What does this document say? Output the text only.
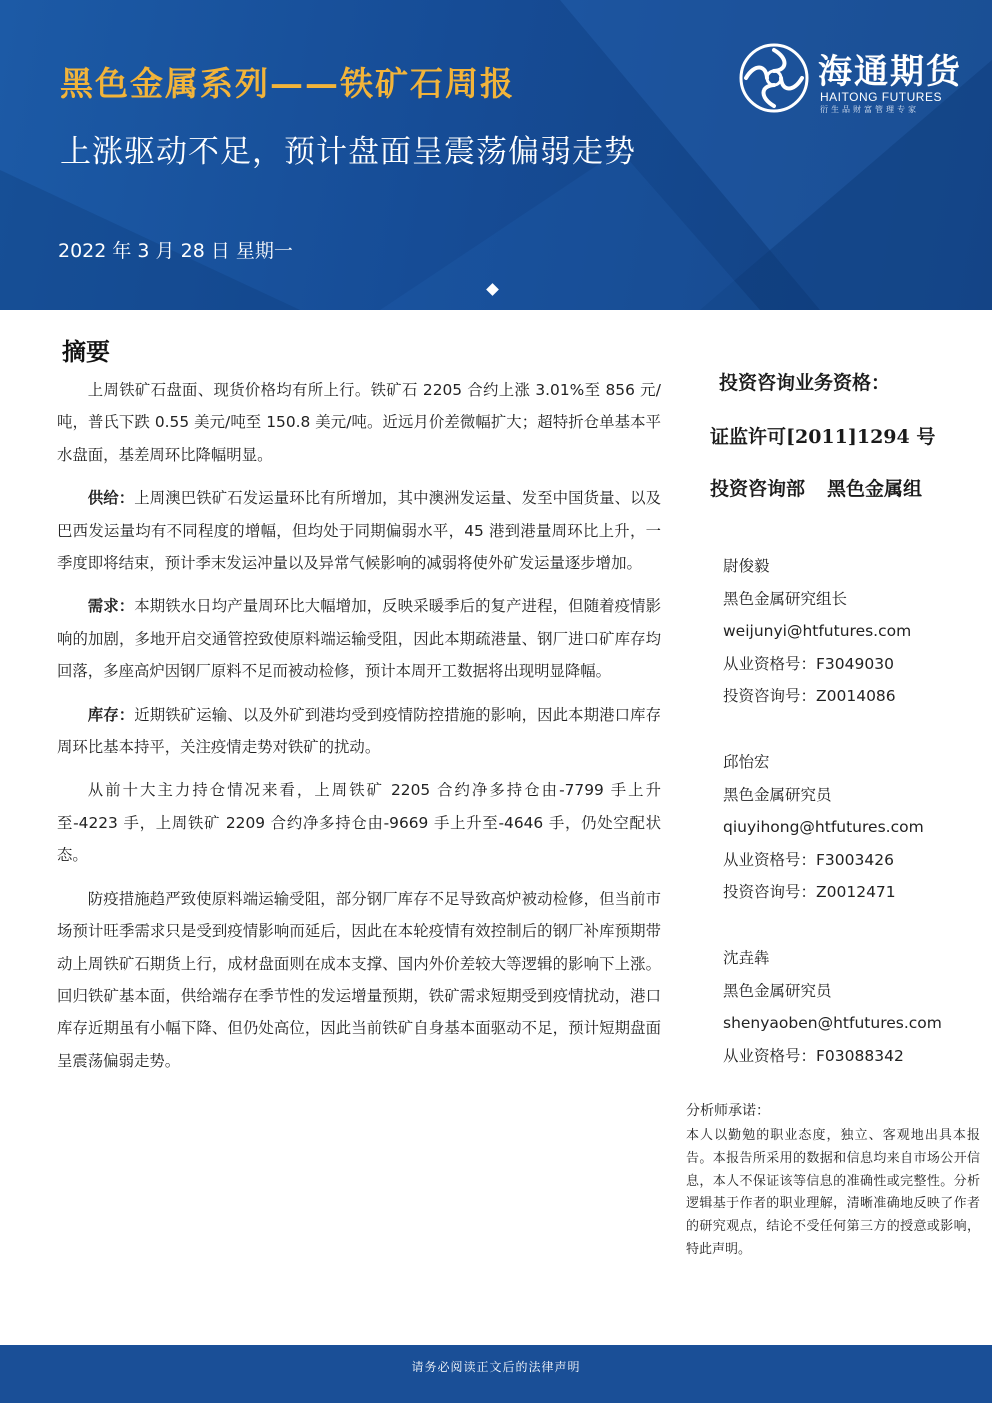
黑色金属系列——铁矿石周报
上涨驱动不足，预计盘面呈震荡偏弱走势
2022 年 3 月 28 日 星期一
海通期货
HAITONG FUTURES
衍生品财富管理专家
摘要

上周铁矿石盘面、现货价格均有所上行。铁矿石 2205 合约上涨 3.01%至 856 元/吨，普氏下跌 0.55 美元/吨至 150.8 美元/吨。近远月价差微幅扩大；超特折仓单基本平水盘面，基差周环比降幅明显。

供给：上周澳巴铁矿石发运量环比有所增加，其中澳洲发运量、发至中国货量、以及巴西发运量均有不同程度的增幅，但均处于同期偏弱水平，45 港到港量周环比上升，一季度即将结束，预计季末发运冲量以及异常气候影响的减弱将使外矿发运量逐步增加。

需求：本期铁水日均产量周环比大幅增加，反映采暖季后的复产进程，但随着疫情影响的加剧，多地开启交通管控致使原料端运输受阻，因此本期疏港量、钢厂进口矿库存均回落，多座高炉因钢厂原料不足而被动检修，预计本周开工数据将出现明显降幅。

库存：近期铁矿运输、以及外矿到港均受到疫情防控措施的影响，因此本期港口库存周环比基本持平，关注疫情走势对铁矿的扰动。

从前十大主力持仓情况来看，上周铁矿 2205 合约净多持仓由-7799 手上升至-4223 手，上周铁矿 2209 合约净多持仓由-9669 手上升至-4646 手，仍处空配状态。

防疫措施趋严致使原料端运输受阻，部分钢厂库存不足导致高炉被动检修，但当前市场预计旺季需求只是受到疫情影响而延后，因此在本轮疫情有效控制后的钢厂补库预期带动上周铁矿石期货上行，成材盘面则在成本支撑、国内外价差较大等逻辑的影响下上涨。回归铁矿基本面，供给端存在季节性的发运增量预期，铁矿需求短期受到疫情扰动，港口库存近期虽有小幅下降、但仍处高位，因此当前铁矿自身基本面驱动不足，预计短期盘面呈震荡偏弱走势。

投资咨询业务资格：
证监许可[2011]1294 号
投资咨询部 黑色金属组
尉俊毅
黑色金属研究组长
weijunyi@htfutures.com
从业资格号：F3049030
投资咨询号：Z0014086
邱怡宏
黑色金属研究员
qiuyihong@htfutures.com
从业资格号：F3003426
投资咨询号：Z0012471
沈垚犇
黑色金属研究员
shenyaoben@htfutures.com
从业资格号：F03088342
分析师承诺：
本人以勤勉的职业态度，独立、客观地出具本报告。本报告所采用的数据和信息均来自市场公开信息，本人不保证该等信息的准确性或完整性。分析逻辑基于作者的职业理解，清晰准确地反映了作者的研究观点，结论不受任何第三方的授意或影响，特此声明。
请务必阅读正文后的法律声明
